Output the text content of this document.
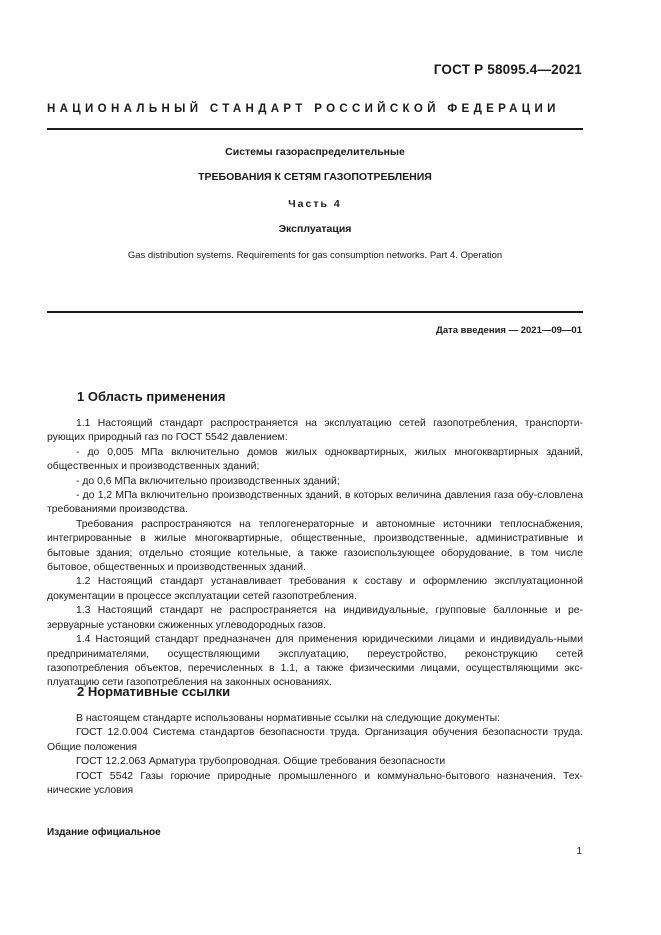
ГОСТ Р 58095.4—2021
НАЦИОНАЛЬНЫЙ СТАНДАРТ РОССИЙСКОЙ ФЕДЕРАЦИИ
Системы газораспределительные
ТРЕБОВАНИЯ К СЕТЯМ ГАЗОПОТРЕБЛЕНИЯ
Часть 4
Эксплуатация
Gas distribution systems. Requirements for gas consumption networks. Part 4. Operation
Дата введения — 2021—09—01
1 Область применения

1.1 Настоящий стандарт распространяется на эксплуатацию сетей газопотребления, транспорти-рующих природный газ по ГОСТ 5542 давлением:

- до 0,005 МПа включительно домов жилых одноквартирных, жилых многоквартирных зданий, общественных и производственных зданий;

- до 0,6 МПа включительно производственных зданий;

- до 1,2 МПа включительно производственных зданий, в которых величина давления газа обу-словлена требованиями производства.

Требования распространяются на теплогенераторные и автономные источники теплоснабжения, интегрированные в жилые многоквартирные, общественные, производственные, административные и бытовые здания; отдельно стоящие котельные, а также газоиспользующее оборудование, в том числе бытовое, общественных и производственных зданий.

1.2 Настоящий стандарт устанавливает требования к составу и оформлению эксплуатационной документации в процессе эксплуатации сетей газопотребления.

1.3 Настоящий стандарт не распространяется на индивидуальные, групповые баллонные и ре-зервуарные установки сжиженных углеводородных газов.

1.4 Настоящий стандарт предназначен для применения юридическими лицами и индивидуаль-ными предпринимателями, осуществляющими эксплуатацию, переустройство, реконструкцию сетей газопотребления объектов, перечисленных в 1.1, а также физическими лицами, осуществляющими экс-плуатацию сети газопотребления на законных основаниях.

2 Нормативные ссылки

В настоящем стандарте использованы нормативные ссылки на следующие документы:

ГОСТ 12.0.004 Система стандартов безопасности труда. Организация обучения безопасности труда. Общие положения

ГОСТ 12.2.063 Арматура трубопроводная. Общие требования безопасности

ГОСТ 5542 Газы горючие природные промышленного и коммунально-бытового назначения. Тех-нические условия

Издание официальное
1
